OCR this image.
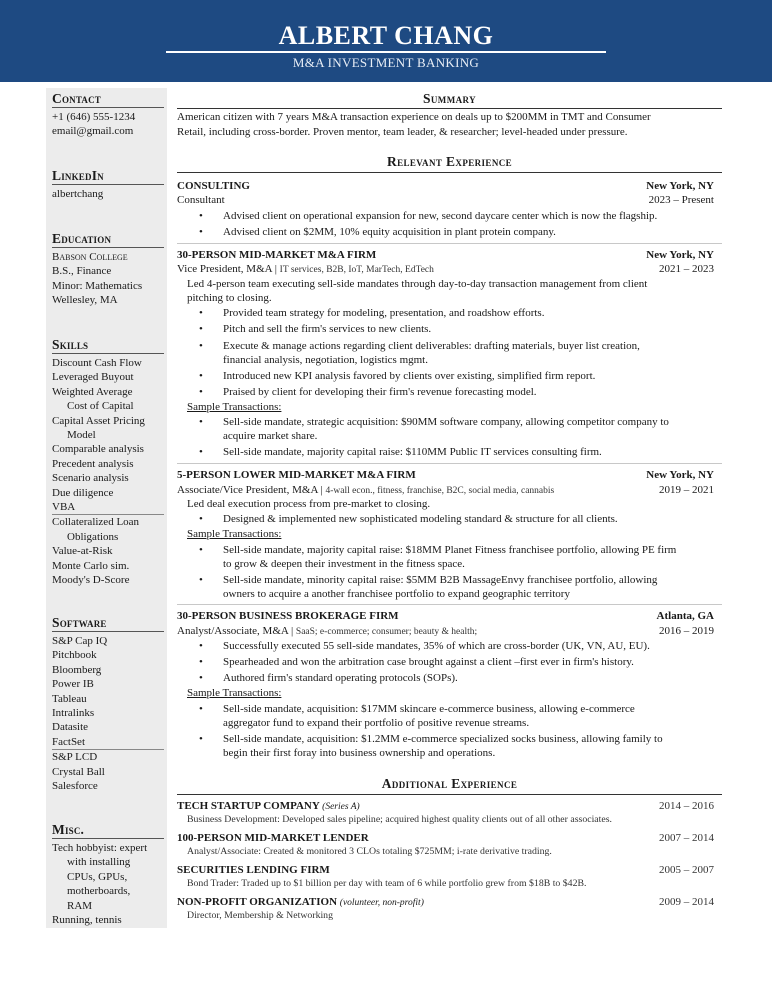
ALBERT CHANG
M&A INVESTMENT BANKING
Contact
+1 (646) 555-1234
email@gmail.com
LinkedIn
albertchang
Education
Babson College
B.S., Finance
Minor: Mathematics
Wellesley, MA
Skills
Discount Cash Flow
Leveraged Buyout
Weighted Average
Cost of Capital
Capital Asset Pricing
Model
Comparable analysis
Precedent analysis
Scenario analysis
Due diligence
VBA
Collateralized Loan
Obligations
Value-at-Risk
Monte Carlo sim.
Moody's D-Score
Software
S&P Cap IQ
Pitchbook
Bloomberg
Power IB
Tableau
Intralinks
Datasite
FactSet
S&P LCD
Crystal Ball
Salesforce
Misc.
Tech hobbyist: expert
with installing
CPUs, GPUs,
motherboards,
RAM
Running, tennis
Summary
American citizen with 7 years M&A transaction experience on deals up to $200MM in TMT and Consumer
Retail, including cross-border. Proven mentor, team leader, & researcher; level-headed under pressure.
Relevant Experience
CONSULTING	New York, NY
Consultant	2023 – Present
•	Advised client on operational expansion for new, second daycare center which is now the flagship.
•	Advised client on $2MM, 10% equity acquisition in plant protein company.
30-PERSON MID-MARKET M&A FIRM	New York, NY
Vice President, M&A | IT services, B2B, IoT, MarTech, EdTech	2021 – 2023
Led 4-person team executing sell-side mandates through day-to-day transaction management from client
pitching to closing.
•	Provided team strategy for modeling, presentation, and roadshow efforts.
•	Pitch and sell the firm's services to new clients.
•	Execute & manage actions regarding client deliverables: drafting materials, buyer list creation,
financial analysis, negotiation, logistics mgmt.
•	Introduced new KPI analysis favored by clients over existing, simplified firm report.
•	Praised by client for developing their firm's revenue forecasting model.
Sample Transactions:
•	Sell-side mandate, strategic acquisition: $90MM software company, allowing competitor company to
acquire market share.
•	Sell-side mandate, majority capital raise: $110MM Public IT services consulting firm.
5-PERSON LOWER MID-MARKET M&A FIRM	New York, NY
Associate/Vice President, M&A | 4-wall econ., fitness, franchise, B2C, social media, cannabis	2019 – 2021
Led deal execution process from pre-market to closing.
•	Designed & implemented new sophisticated modeling standard & structure for all clients.
Sample Transactions:
•	Sell-side mandate, majority capital raise: $18MM Planet Fitness franchisee portfolio, allowing PE firm
to grow & deepen their investment in the fitness space.
•	Sell-side mandate, minority capital raise: $5MM B2B MassageEnvy franchisee portfolio, allowing
owners to acquire a another franchisee portfolio to expand geographic territory
30-PERSON BUSINESS BROKERAGE FIRM	Atlanta, GA
Analyst/Associate, M&A | SaaS; e-commerce; consumer; beauty & health;	2016 – 2019
•	Successfully executed 55 sell-side mandates, 35% of which are cross-border (UK, VN, AU, EU).
•	Spearheaded and won the arbitration case brought against a client –first ever in firm's history.
•	Authored firm's standard operating protocols (SOPs).
Sample Transactions:
•	Sell-side mandate, acquisition: $17MM skincare e-commerce business, allowing e-commerce
aggregator fund to expand their portfolio of positive revenue streams.
•	Sell-side mandate, acquisition: $1.2MM e-commerce specialized socks business, allowing family to
begin their first foray into business ownership and operations.
Additional Experience
TECH STARTUP COMPANY (Series A)	2014 – 2016
Business Development: Developed sales pipeline; acquired highest quality clients out of all other associates.
100-PERSON MID-MARKET LENDER	2007 – 2014
Analyst/Associate: Created & monitored 3 CLOs totaling $725MM; i-rate derivative trading.
SECURITIES LENDING FIRM	2005 – 2007
Bond Trader: Traded up to $1 billion per day with team of 6 while portfolio grew from $18B to $42B.
NON-PROFIT ORGANIZATION (volunteer, non-profit)	2009 – 2014
Director, Membership & Networking
